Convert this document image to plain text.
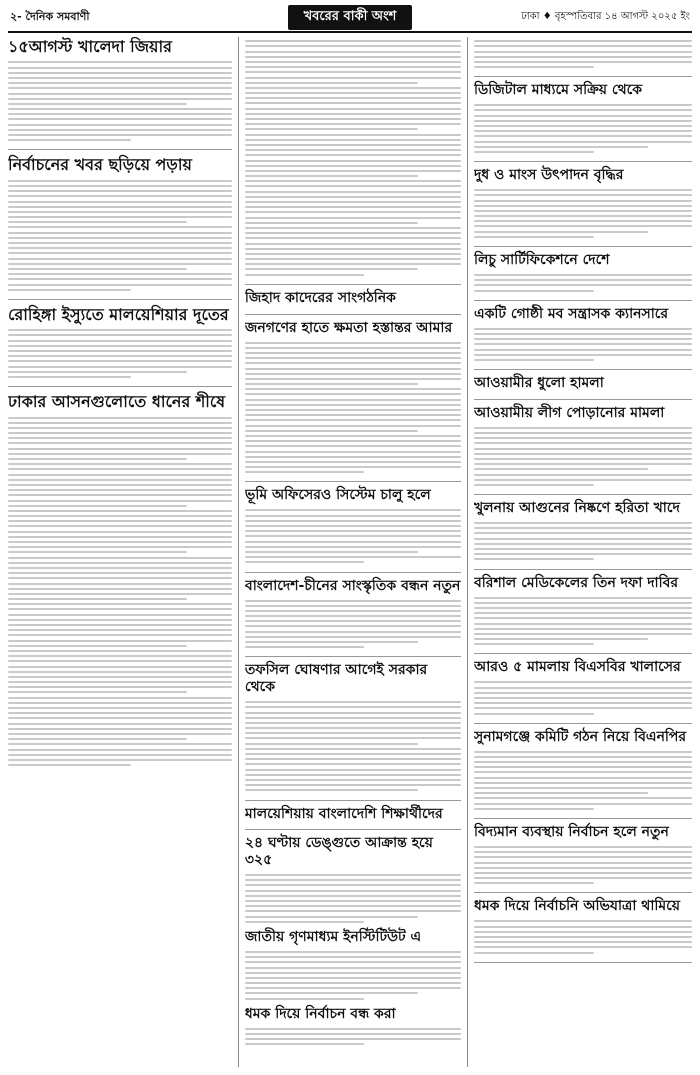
২- দৈনিক সমবাণী	খবরের বাকী অংশ	ঢাকা ♦ বৃহস্পতিবার ১৪ আগস্ট ২০২৫ ইং
১৫আগস্ট খালেদা জিয়ার
নির্বাচনের খবর ছড়িয়ে পড়ায়
রোহিঙ্গা ইস্যুতে মালয়েশিয়ার দূতের
ঢাকার আসনগুলোতে ধানের শীষে
জিহাদ কাদেরের সাংগঠনিক
জনগণের হাতে ক্ষমতা হস্তান্তর আমার
ভূমি অফিসেরও সিস্টেম চালু হলে
বাংলাদেশ-চীনের সাংস্কৃতিক বন্ধন নতুন
তফসিল ঘোষণার আগেই সরকার থেকে
মালয়েশিয়ায় বাংলাদেশি শিক্ষার্থীদের
২৪ ঘণ্টায় ডেঙ্গুতে আক্রান্ত হয়ে ৩২৫
জাতীয় গৃণমাধ্যম ইনস্টিটিউট এ
ধমক দিয়ে নির্বাচন বন্ধ করা
ডিজিটাল মাধ্যমে সক্রিয় থেকে
দুধ ও মাংস উৎপাদন বৃদ্ধির
লিচু সার্টিফিকেশনে দেশে
একটি গোষ্ঠী মব সন্ত্রাসক ক্যানসারে
আওয়ামীর ধুলো হামলা
আওয়ামীয় লীগ পোড়ানোর মামলা
খুলনায় আগুনের নিষ্কণে হরিতা খাদে
বরিশাল মেডিকেলের তিন দফা দাবির
আরও ৫ মামলায় বিএসবির খালাসের
সুনামগঞ্জে কমিটি গঠন নিয়ে বিএনপির
বিদ্যমান ব্যবস্থায় নির্বাচন হলে নতুন
ধমক দিয়ে নির্বাচনি অভিযাত্রা থামিয়ে
